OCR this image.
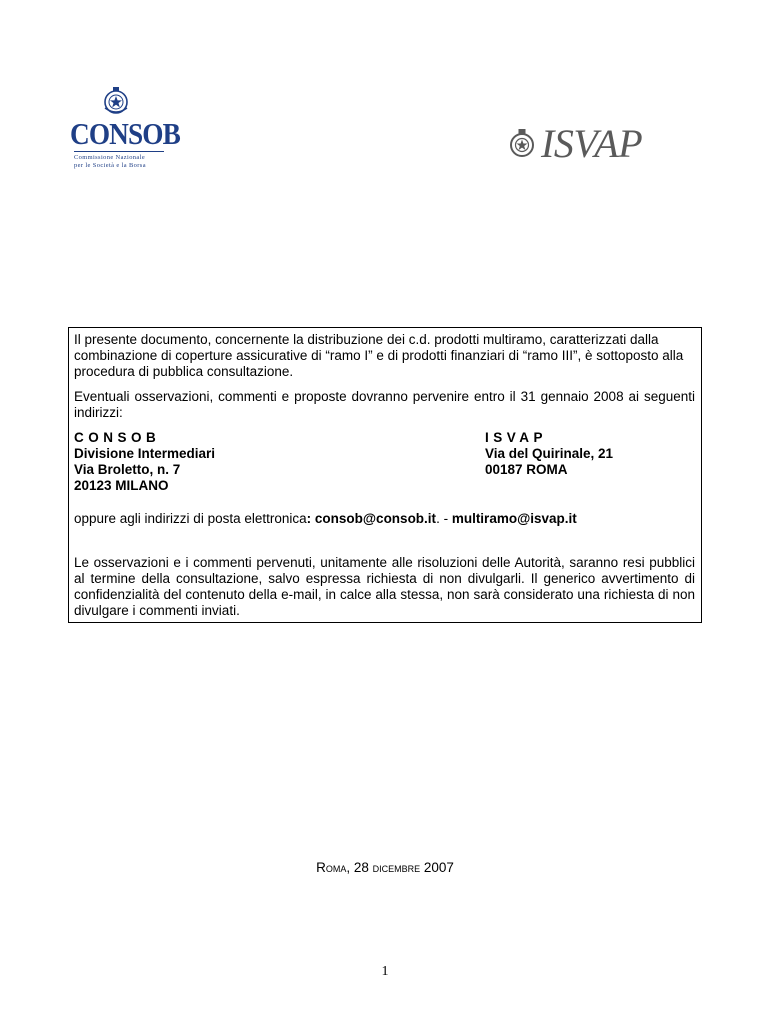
CONSOB
Commissione Nazionale
per le Società e la Borsa	ISVAP

Il presente documento, concernente la distribuzione dei c.d. prodotti multiramo, caratterizzati dalla combinazione di coperture assicurative di “ramo I” e di prodotti finanziari di “ramo III”, è sottoposto alla procedura di pubblica consultazione.

Eventuali osservazioni, commenti e proposte dovranno pervenire entro il 31 gennaio 2008 ai seguenti indirizzi:

CONSOB
Divisione Intermediari
Via Broletto, n. 7
20123 MILANO
ISVAP
Via del Quirinale, 21
00187 ROMA

oppure agli indirizzi di posta elettronica: consob@consob.it. - multiramo@isvap.it

Le osservazioni e i commenti pervenuti, unitamente alle risoluzioni delle Autorità, saranno resi pubblici al termine della consultazione, salvo espressa richiesta di non divulgarli. Il generico avvertimento di confidenzialità del contenuto della e-mail, in calce alla stessa, non sarà considerato una richiesta di non divulgare i commenti inviati.

Roma, 28 dicembre 2007
1
